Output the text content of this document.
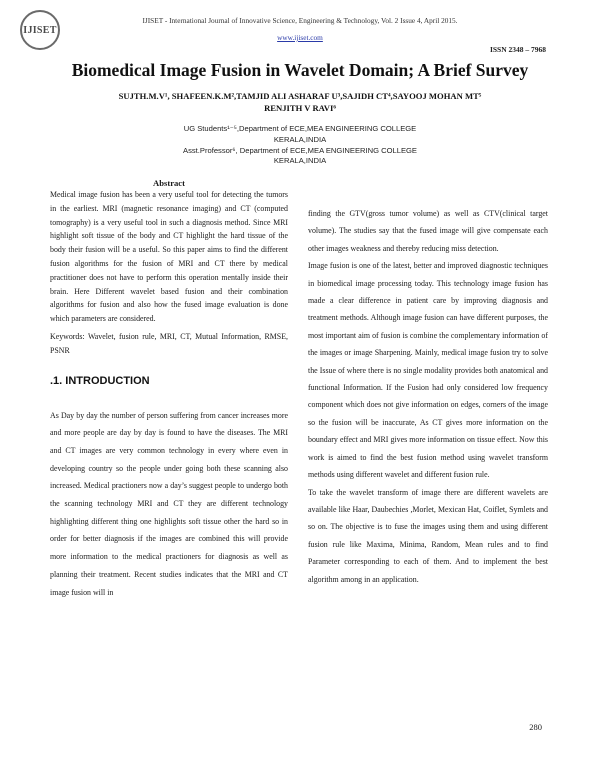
IJISET
IJISET - International Journal of Innovative Science, Engineering & Technology, Vol. 2 Issue 4, April 2015.
www.ijiset.com
ISSN 2348 – 7968
Biomedical Image Fusion in Wavelet Domain; A Brief Survey
SUJTH.M.V¹, SHAFEEN.K.M²,TAMJID ALI ASHARAF U³,SAJIDH CT⁴,SAYOOJ MOHAN MT⁵
RENJITH V RAVI⁶
UG Students¹⁻⁵,Department of ECE,MEA ENGINEERING COLLEGE
KERALA,INDIA
Asst.Professor⁶, Department of ECE,MEA ENGINEERING COLLEGE
KERALA,INDIA

Abstract

Medical image fusion has been a very useful tool for detecting the tumors in the earliest. MRI (magnetic resonance imaging) and CT (computed tomography) is a very useful tool in such a diagnosis method. Since MRI highlight soft tissue of the body and CT highlight the hard tissue of the body their fusion will be a useful. So this paper aims to find the different fusion algorithms for the fusion of MRI and CT there by medical practitioner does not have to perform this operation mentally inside their brain. Here Different wavelet based fusion and their combination algorithms for fusion and also how the fused image evaluation is done which parameters are considered.

Keywords: Wavelet, fusion rule, MRI, CT, Mutual Information, RMSE, PSNR

.1. INTRODUCTION

As Day by day the number of person suffering from cancer increases more and more people are day by day is found to have the diseases. The MRI and CT images are very common technology in every where even in developing country so the people under going both these scanning also increased. Medical practioners now a day’s suggest people to undergo both the scanning technology MRI and CT they are different technology highlighting different thing one highlights soft tissue other the hard so in order for better diagnosis if the images are combined this will provide more information to the medical practioners for diagnosis as well as planning their treatment. Recent studies indicates that the MRI and CT image fusion will in

finding the GTV(gross tumor volume) as well as CTV(clinical target volume). The studies say that the fused image will give compensate each other images weakness and thereby reducing miss detection.

Image fusion is one of the latest, better and improved diagnostic techniques in biomedical image processing today. This technology image fusion has made a clear difference in patient care by improving diagnosis and treatment methods. Although image fusion can have different purposes, the most important aim of fusion is combine the complementary information of the images or image Sharpening. Mainly, medical image fusion try to solve the Issue of where there is no single modality provides both anatomical and functional Information. If the Fusion had only considered low frequency component which does not give information on edges, corners of the image so the fusion will be inaccurate, As CT gives more information on the boundary effect and MRI gives more information on tissue effect. Now this work is aimed to find the best fusion method using wavelet transform methods using different wavelet and different fusion rule.

To take the wavelet transform of image there are different wavelets are available like Haar, Daubechies ,Morlet, Mexican Hat, Coiflet, Symlets and so on. The objective is to fuse the images using them and using different fusion rule like Maxima, Minima, Random, Mean rules and to find Parameter corresponding to each of them. And to implement the best algorithm among in an application.

280
